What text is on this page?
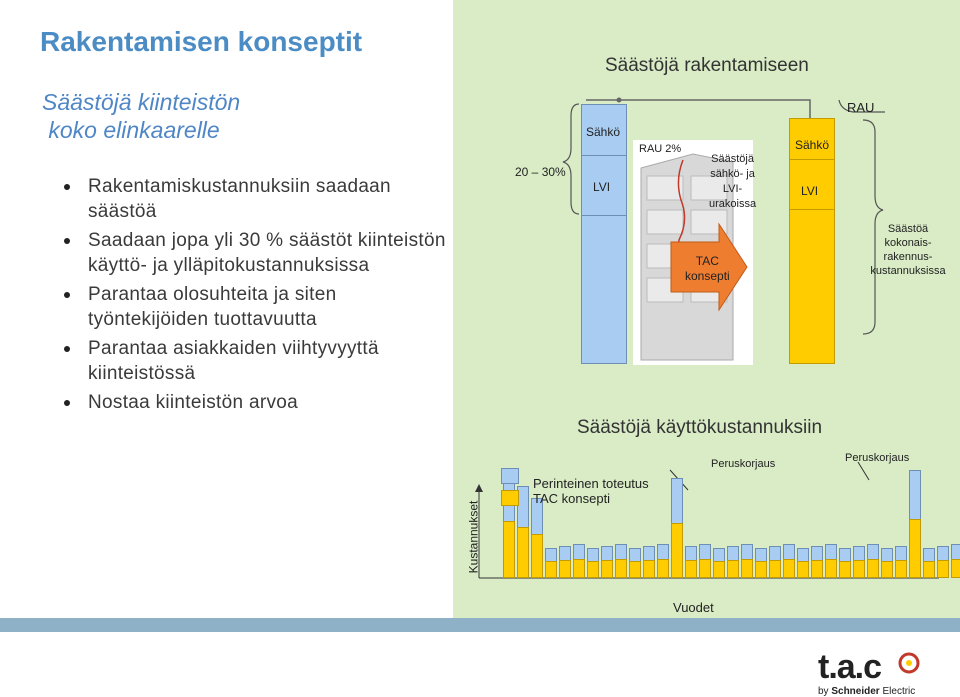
Rakentamisen konseptit
Säästöjä kiinteistön
koko elinkaarelle
Rakentamiskustannuksiin saadaan säästöä
Saadaan jopa yli 30 % säästöt kiinteistön käyttö- ja ylläpitokustannuksissa
Parantaa olosuhteita ja siten työntekijöiden tuottavuutta
Parantaa asiakkaiden viihtyvyyttä kiinteistössä
Nostaa kiinteistön arvoa
Säästöjä rakentamiseen
20 – 30%
Sähkö
LVI
RAU 2%
Säästöjä
sähkö- ja
LVI-
urakoissa
TAC
konsepti
Sähkö
LVI
RAU
Säästöä
kokonais-
rakennus-
kustannuksissa
Säästöjä käyttökustannuksiin
Kustannukset
Vuodet
Perinteinen toteutus
TAC konsepti
Peruskorjaus	Peruskorjaus
t.a.c
by Schneider Electric
